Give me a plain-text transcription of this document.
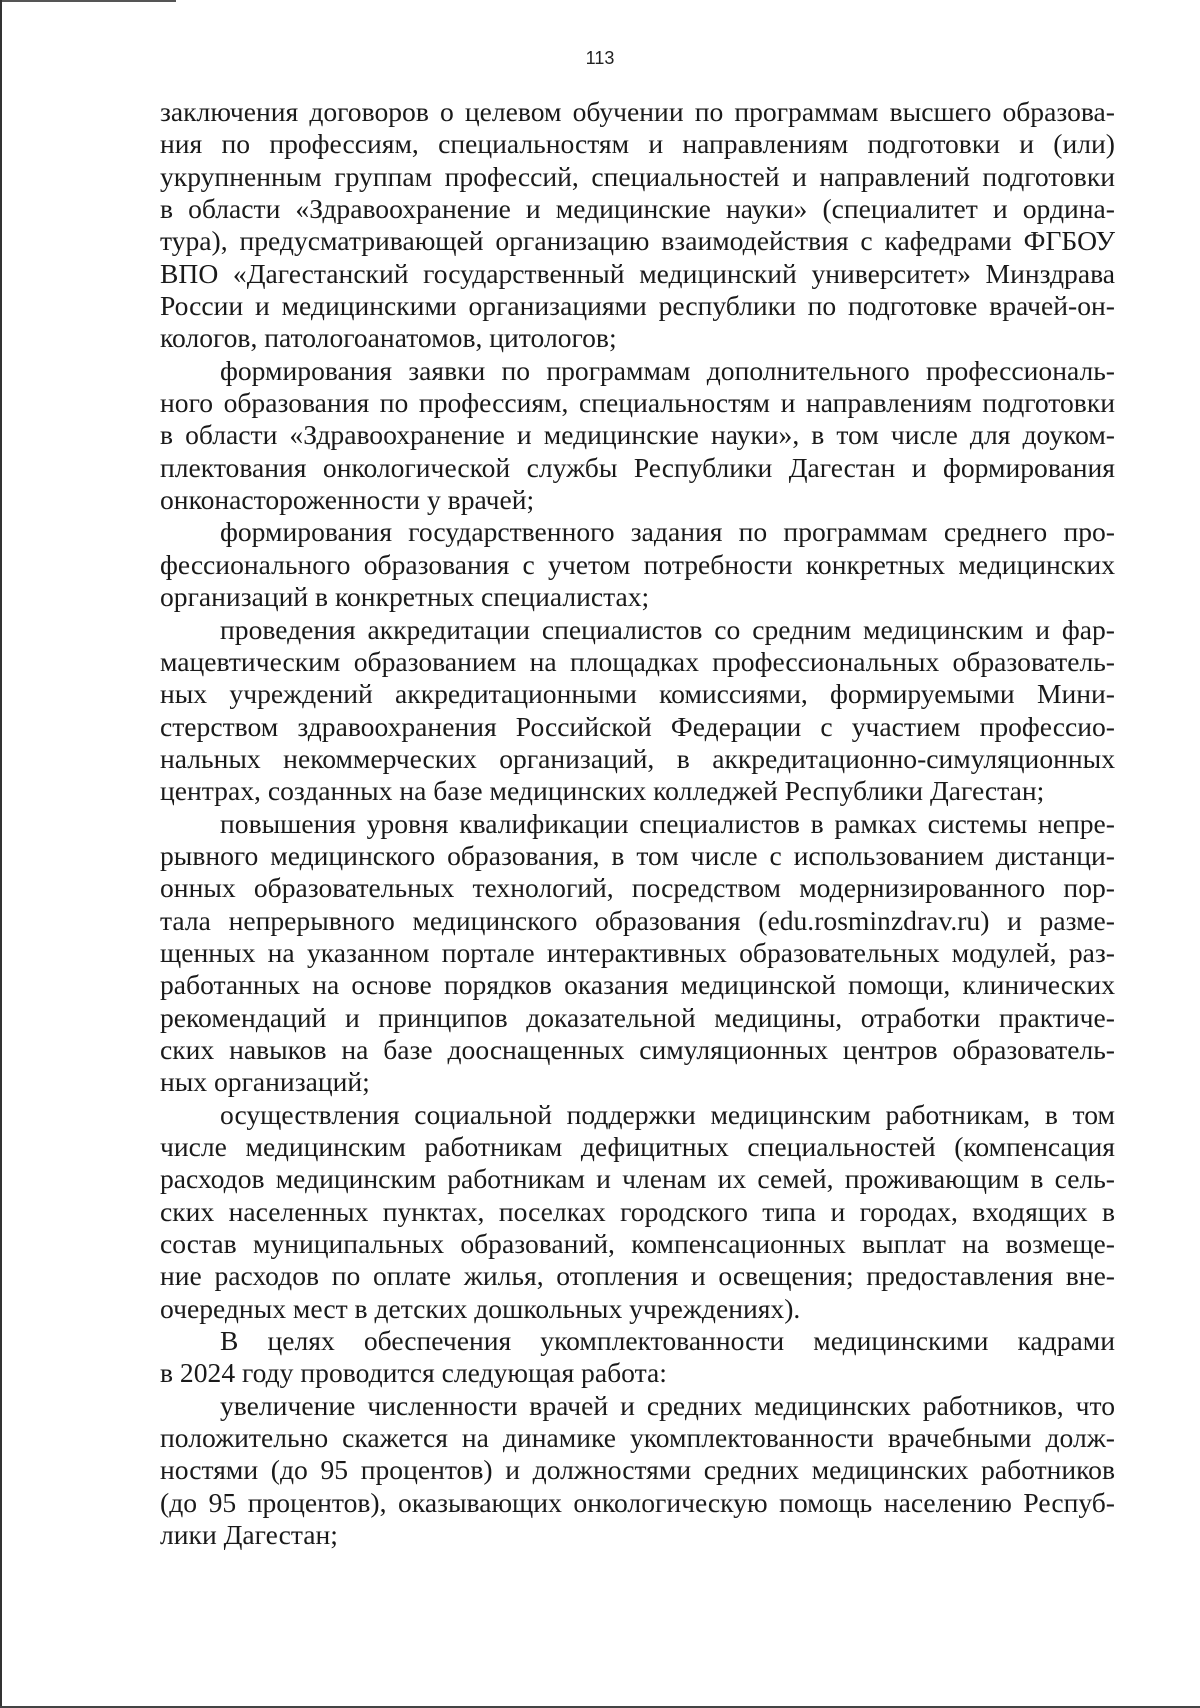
113
заключения договоров о целевом обучении по программам высшего образова-
ния по профессиям, специальностям и направлениям подготовки и (или)
укрупненным группам профессий, специальностей и направлений подготовки
в области «Здравоохранение и медицинские науки» (специалитет и ордина-
тура), предусматривающей организацию взаимодействия с кафедрами ФГБОУ
ВПО «Дагестанский государственный медицинский университет» Минздрава
России и медицинскими организациями республики по подготовке врачей-он-
кологов, патологоанатомов, цитологов;
формирования заявки по программам дополнительного профессиональ-
ного образования по профессиям, специальностям и направлениям подготовки
в области «Здравоохранение и медицинские науки», в том числе для доуком-
плектования онкологической службы Республики Дагестан и формирования
онконастороженности у врачей;
формирования государственного задания по программам среднего про-
фессионального образования с учетом потребности конкретных медицинских
организаций в конкретных специалистах;
проведения аккредитации специалистов со средним медицинским и фар-
мацевтическим образованием на площадках профессиональных образователь-
ных учреждений аккредитационными комиссиями, формируемыми Мини-
стерством здравоохранения Российской Федерации с участием профессио-
нальных некоммерческих организаций, в аккредитационно-симуляционных
центрах, созданных на базе медицинских колледжей Республики Дагестан;
повышения уровня квалификации специалистов в рамках системы непре-
рывного медицинского образования, в том числе с использованием дистанци-
онных образовательных технологий, посредством модернизированного пор-
тала непрерывного медицинского образования (edu.rosminzdrav.ru) и разме-
щенных на указанном портале интерактивных образовательных модулей, раз-
работанных на основе порядков оказания медицинской помощи, клинических
рекомендаций и принципов доказательной медицины, отработки практиче-
ских навыков на базе дооснащенных симуляционных центров образователь-
ных организаций;
осуществления социальной поддержки медицинским работникам, в том
числе медицинским работникам дефицитных специальностей (компенсация
расходов медицинским работникам и членам их семей, проживающим в сель-
ских населенных пунктах, поселках городского типа и городах, входящих в
состав муниципальных образований, компенсационных выплат на возмеще-
ние расходов по оплате жилья, отопления и освещения; предоставления вне-
очередных мест в детских дошкольных учреждениях).
В целях обеспечения укомплектованности медицинскими кадрами
в 2024 году проводится следующая работа:
увеличение численности врачей и средних медицинских работников, что
положительно скажется на динамике укомплектованности врачебными долж-
ностями (до 95 процентов) и должностями средних медицинских работников
(до 95 процентов), оказывающих онкологическую помощь населению Респуб-
лики Дагестан;
